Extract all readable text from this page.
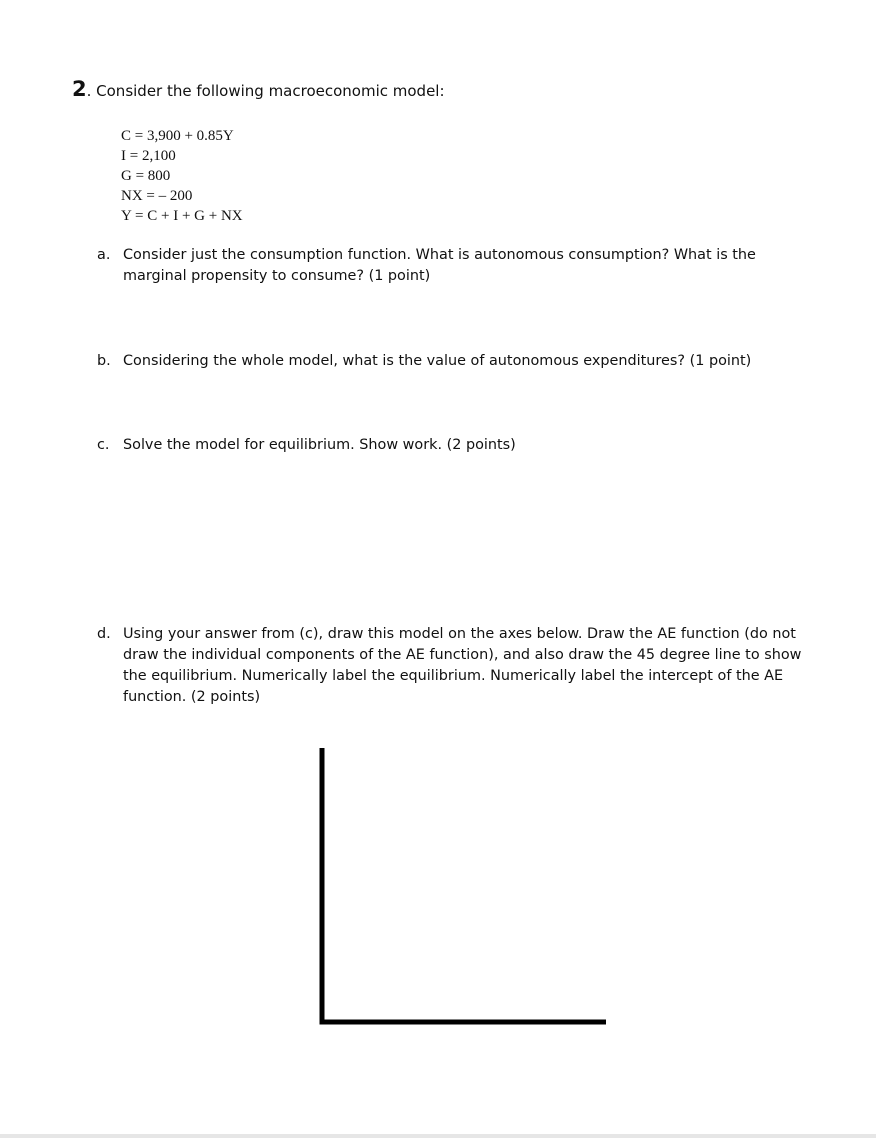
2. Consider the following macroeconomic model:
C = 3,900 + 0.85Y
I = 2,100
G = 800
NX = – 200
Y = C + I + G + NX
a. Consider just the consumption function. What is autonomous consumption? What is the
marginal propensity to consume? (1 point)
b. Considering the whole model, what is the value of autonomous expenditures? (1 point)
c. Solve the model for equilibrium. Show work. (2 points)
d. Using your answer from (c), draw this model on the axes below. Draw the AE function (do not
draw the individual components of the AE function), and also draw the 45 degree line to show
the equilibrium. Numerically label the equilibrium. Numerically label the intercept of the AE
function. (2 points)
